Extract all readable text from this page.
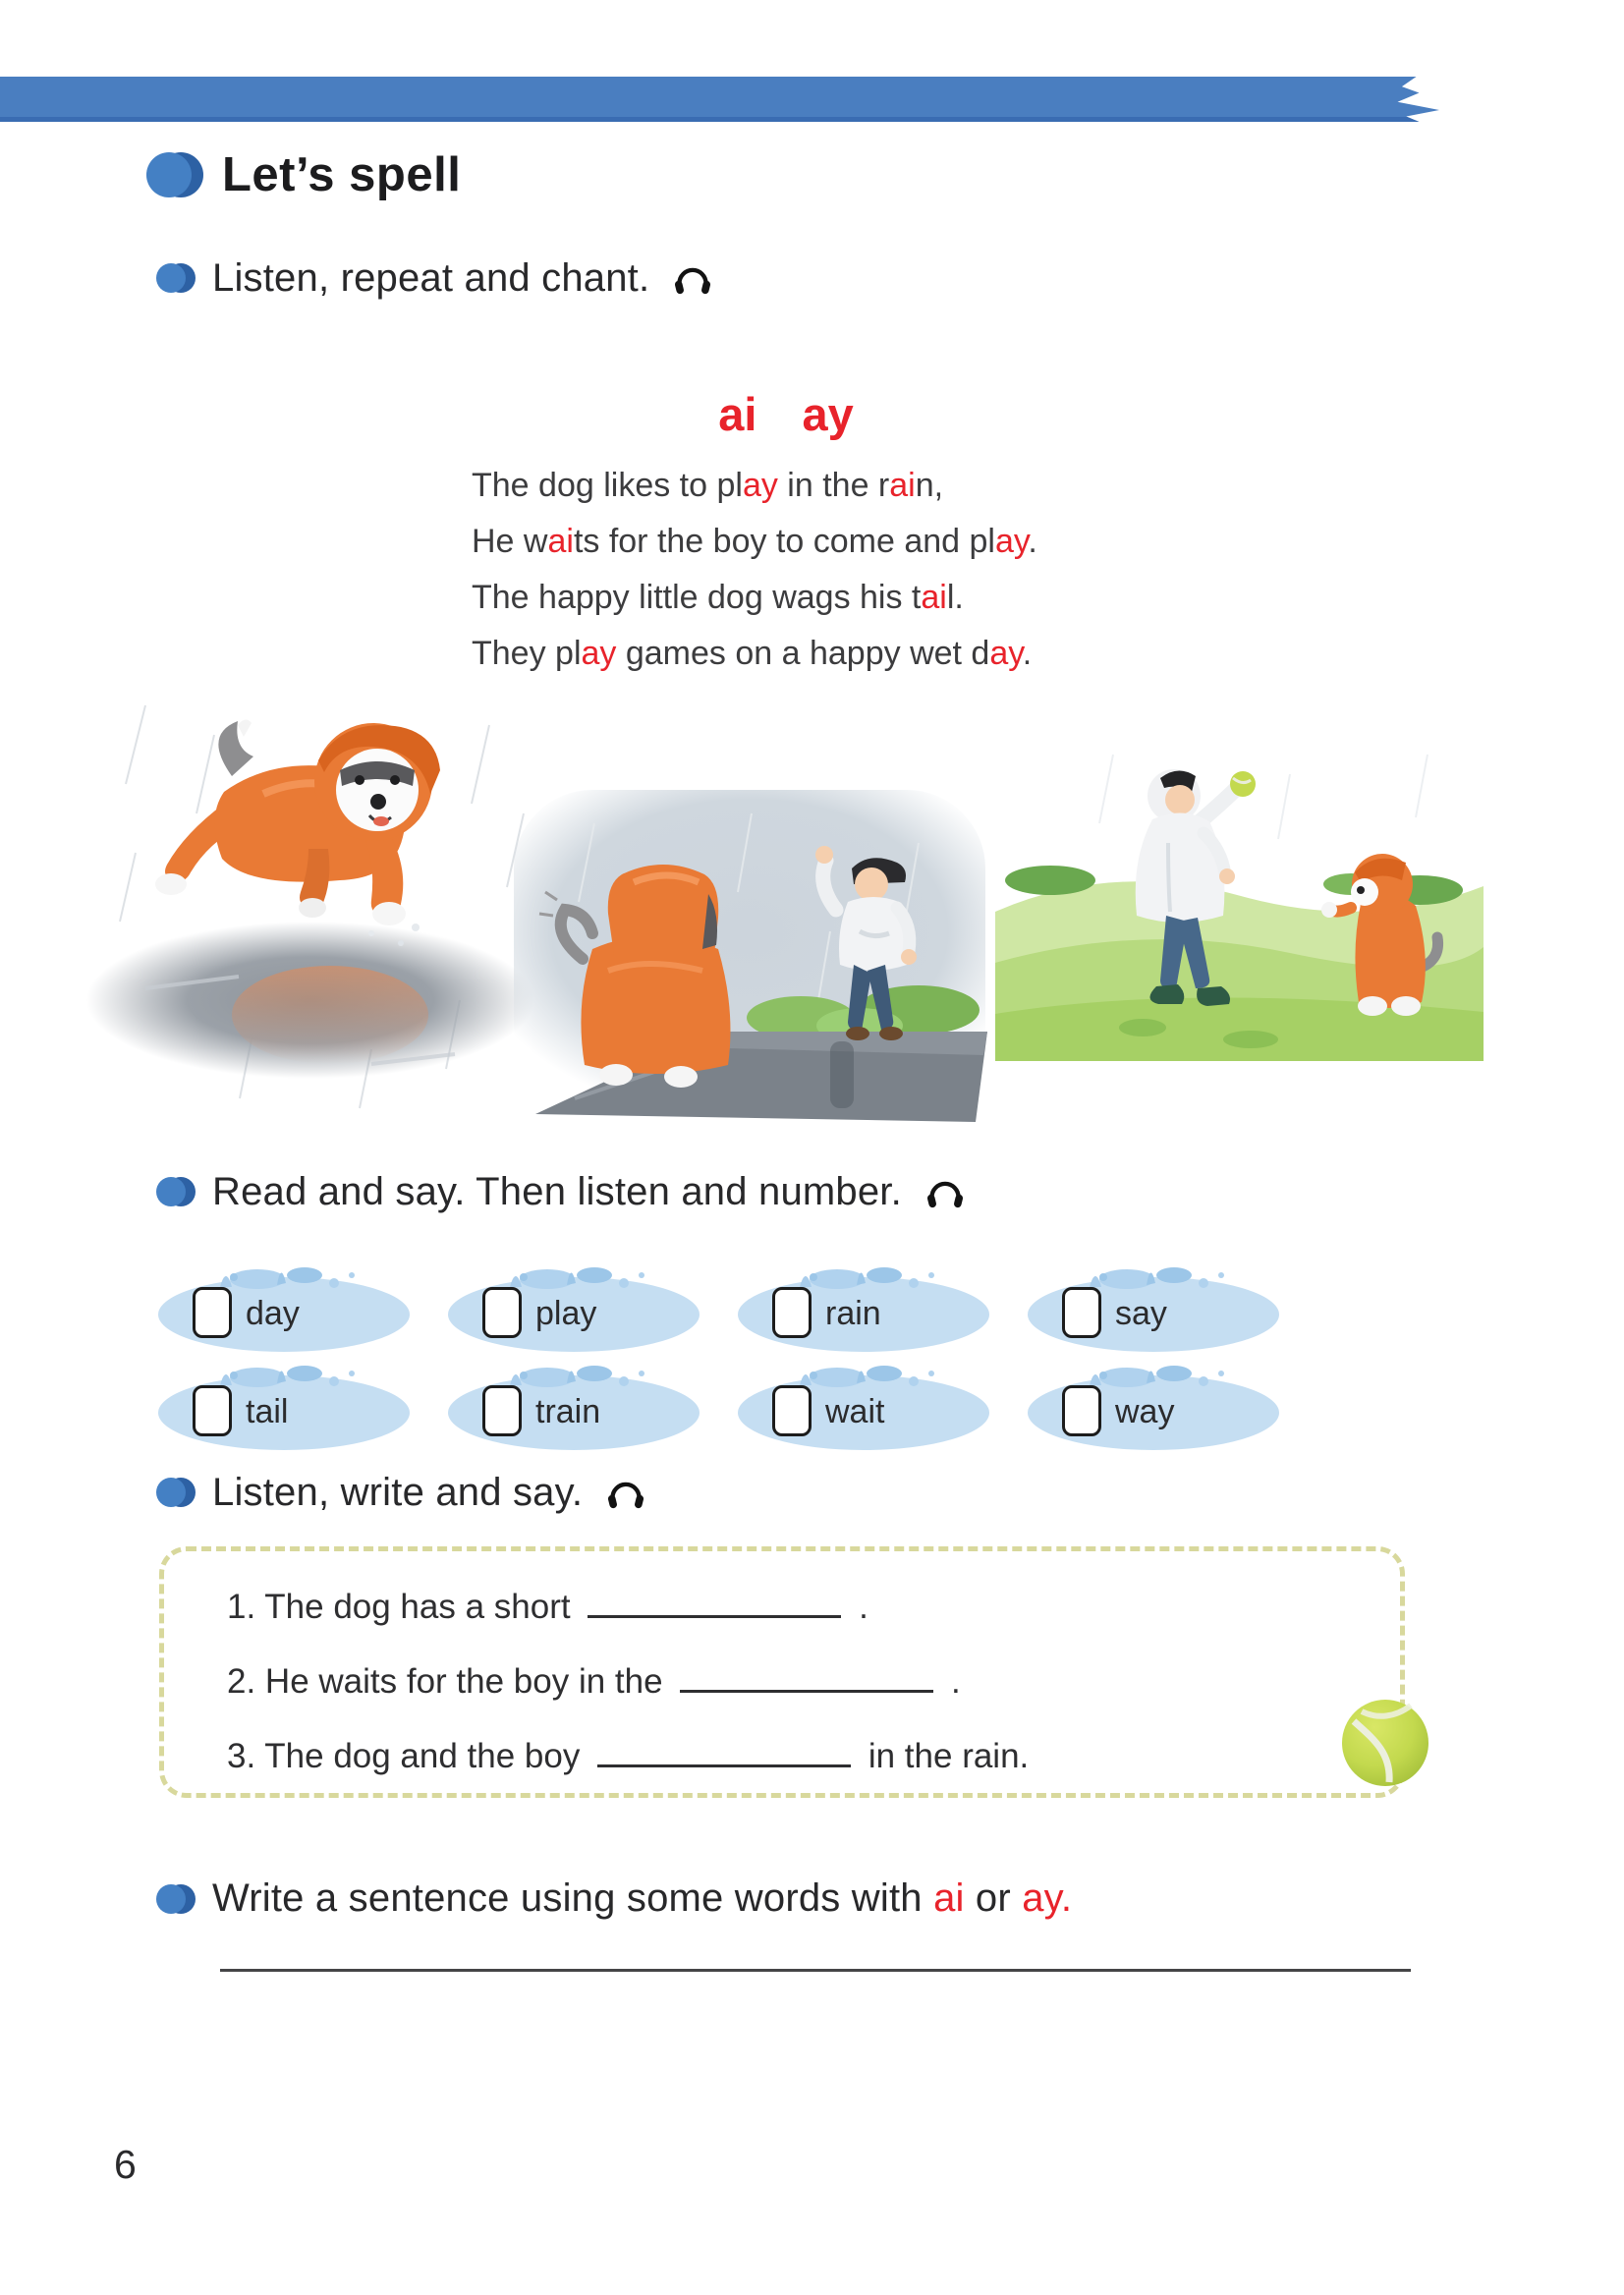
Let’s spell
Listen, repeat and chant.
ai ay
The dog likes to play in the rain,
He waits for the boy to come and play.
The happy little dog wags his tail.
They play games on a happy wet day.
Read and say. Then listen and number.
day	play	rain	say
tail	train	wait	way
Listen, write and say.
1. The dog has a short	.
2. He waits for the boy in the	.
3. The dog and the boy	in the rain.
Write a sentence using some words with ai or ay.
6
